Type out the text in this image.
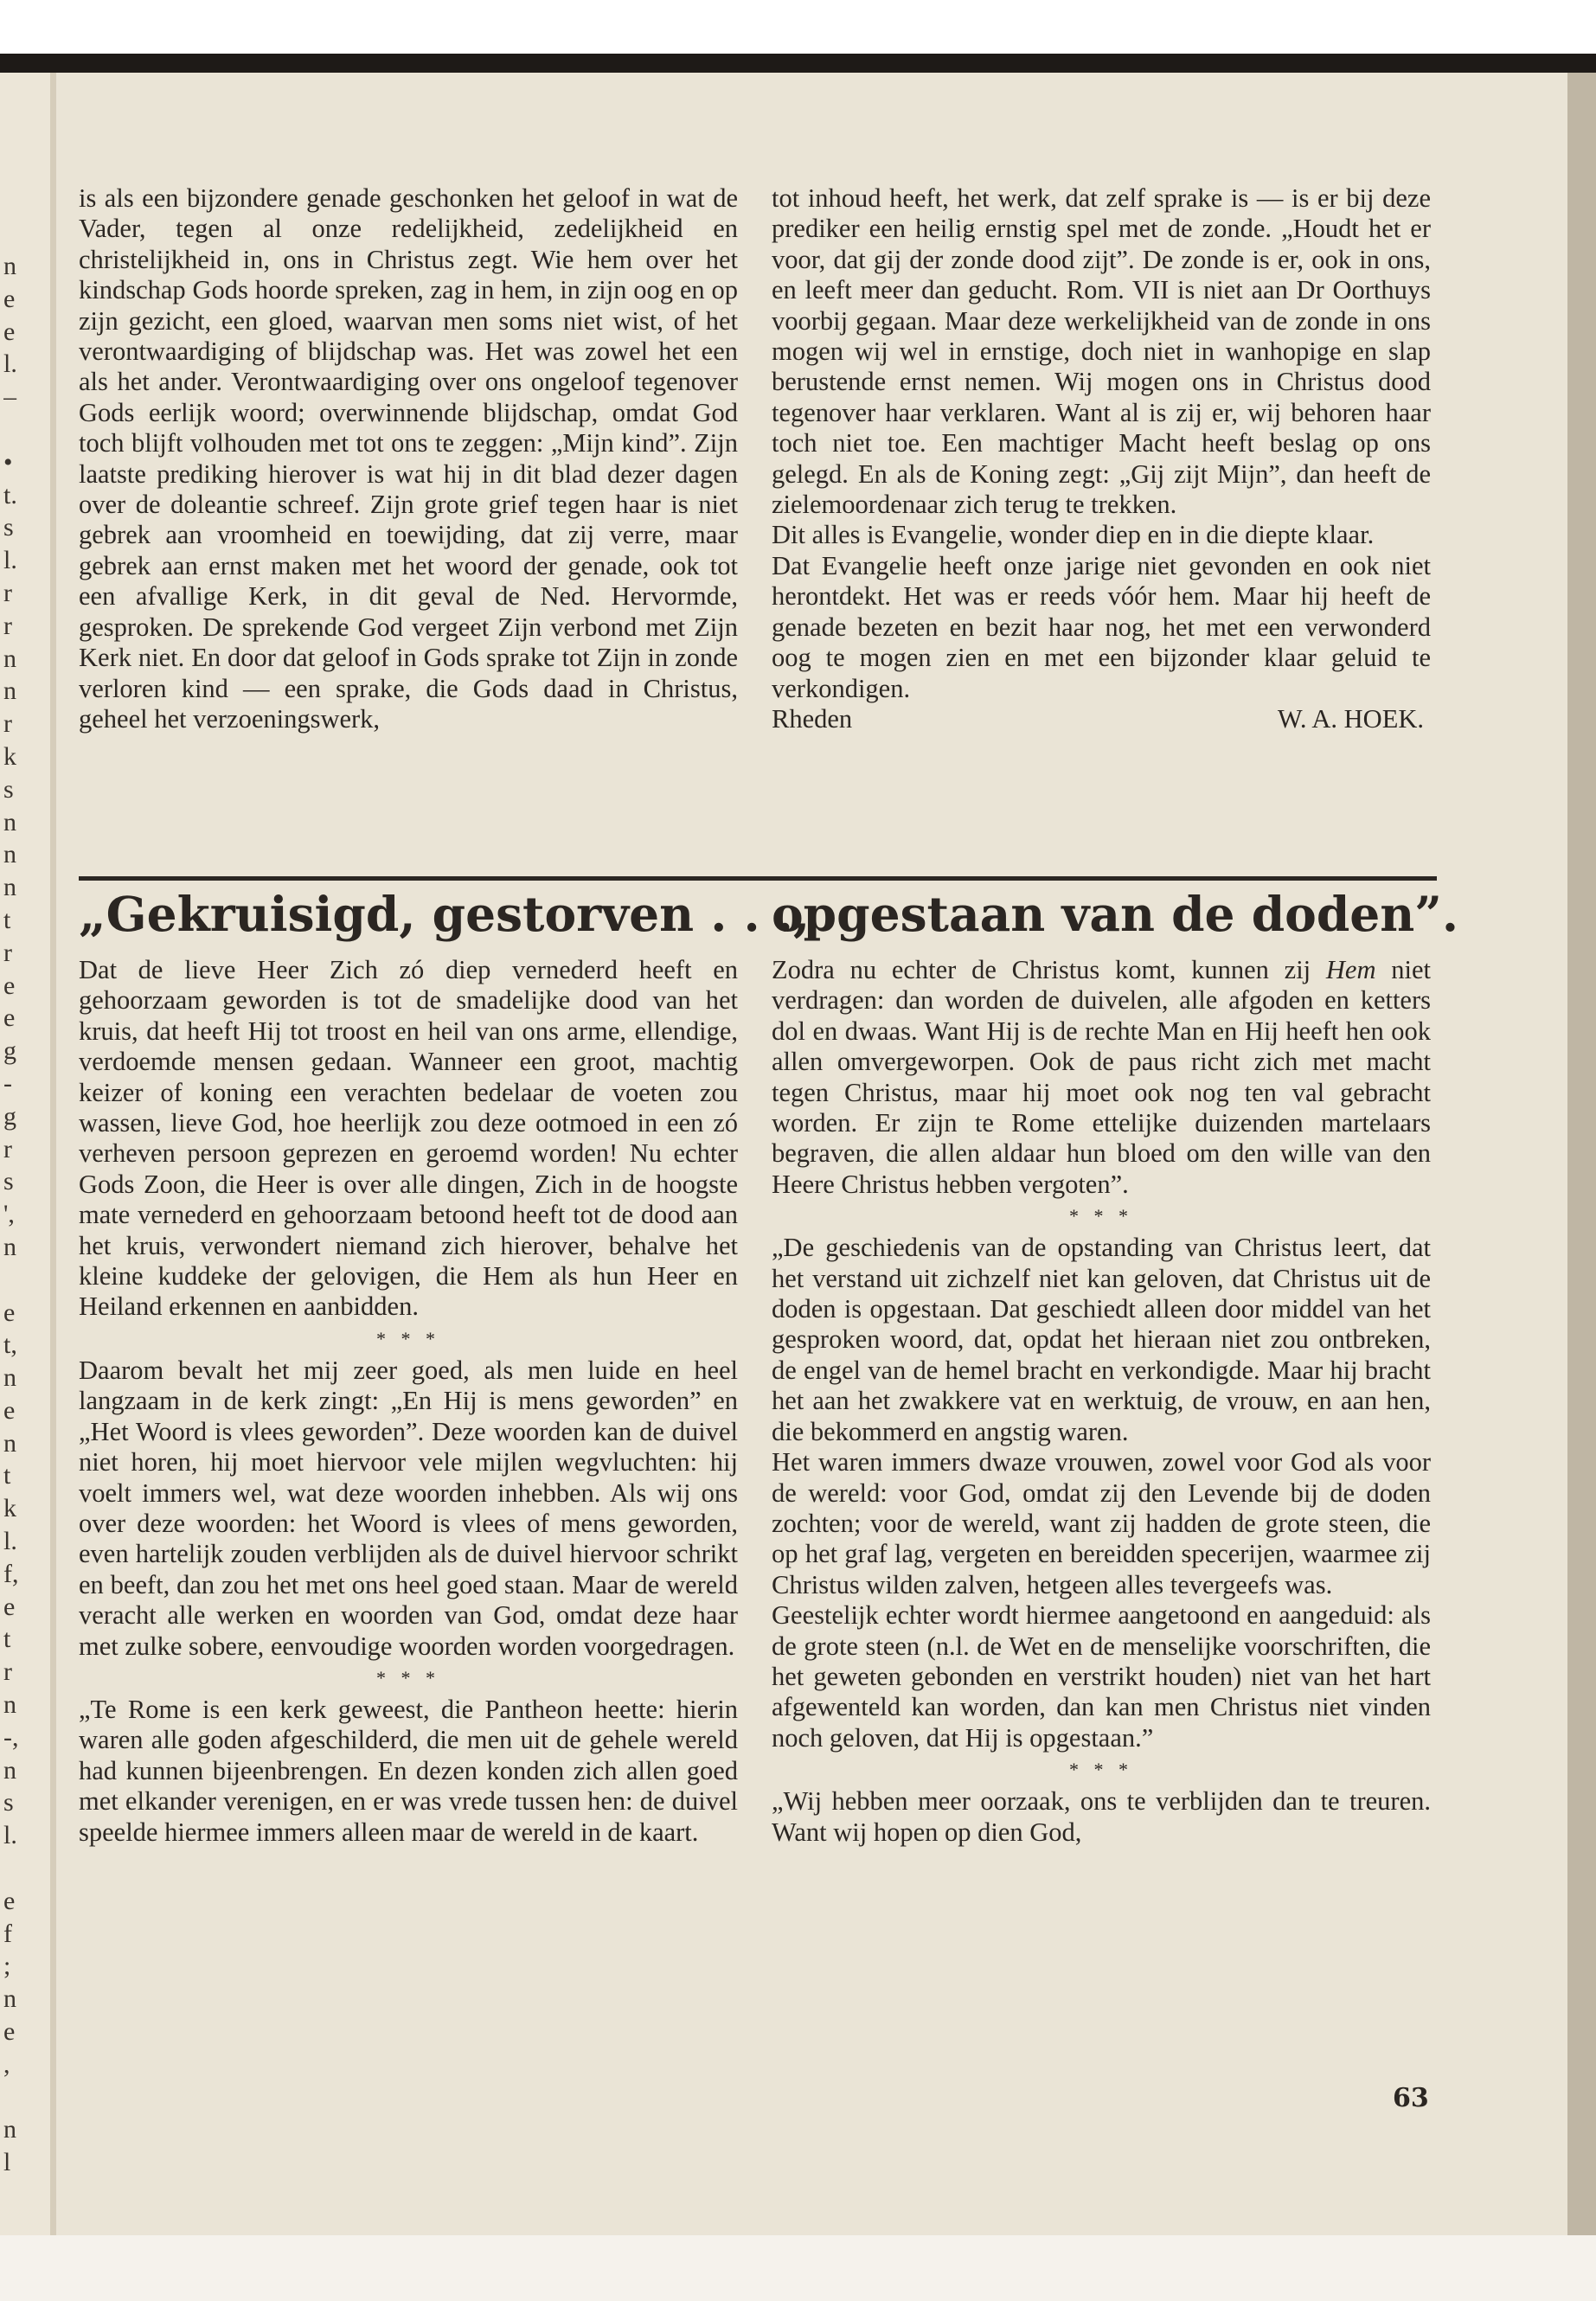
n
e
e
l.
–

•
t.
s
l.
r
r
n
n
r
k
s
n
n
n
t
r
e
e
g
-
g
r
s
',
n

e
t,
n
e
n
t
k
l.
f,
e
t
r
n
-,
n
s
l.

e
f
;
n
e
,

n
l

is als een bijzondere genade geschonken het geloof in wat de Vader, tegen al onze redelijkheid, zedelijkheid en christelijkheid in, ons in Christus zegt. Wie hem over het kindschap Gods hoorde spreken, zag in hem, in zijn oog en op zijn gezicht, een gloed, waarvan men soms niet wist, of het verontwaardiging of blijdschap was. Het was zowel het een als het ander. Verontwaardiging over ons ongeloof tegenover Gods eerlijk woord; overwinnende blijdschap, omdat God toch blijft volhouden met tot ons te zeggen: „Mijn kind”. Zijn laatste prediking hierover is wat hij in dit blad dezer dagen over de doleantie schreef. Zijn grote grief tegen haar is niet gebrek aan vroomheid en toewijding, dat zij verre, maar gebrek aan ernst maken met het woord der genade, ook tot een afvallige Kerk, in dit geval de Ned. Hervormde, gesproken. De sprekende God vergeet Zijn verbond met Zijn Kerk niet. En door dat geloof in Gods sprake tot Zijn in zonde verloren kind — een sprake, die Gods daad in Christus, geheel het verzoeningswerk,

tot inhoud heeft, het werk, dat zelf sprake is — is er bij deze prediker een heilig ernstig spel met de zonde. „Houdt het er voor, dat gij der zonde dood zijt”. De zonde is er, ook in ons, en leeft meer dan geducht. Rom. VII is niet aan Dr Oorthuys voorbij gegaan. Maar deze werkelijkheid van de zonde in ons mogen wij wel in ernstige, doch niet in wanhopige en slap berustende ernst nemen. Wij mogen ons in Christus dood tegenover haar verklaren. Want al is zij er, wij behoren haar toch niet toe. Een machtiger Macht heeft beslag op ons gelegd. En als de Koning zegt: „Gij zijt Mijn”, dan heeft de zielemoordenaar zich terug te trekken.

Dit alles is Evangelie, wonder diep en in die diepte klaar.

Dat Evangelie heeft onze jarige niet gevonden en ook niet herontdekt. Het was er reeds vóór hem. Maar hij heeft de genade bezeten en bezit haar nog, het met een verwonderd oog te mogen zien en met een bijzonder klaar geluid te verkondigen.

Rheden	W. A. HOEK.
„Gekruisigd, gestorven . . .,
opgestaan van de doden”.

Dat de lieve Heer Zich zó diep vernederd heeft en gehoorzaam geworden is tot de smadelijke dood van het kruis, dat heeft Hij tot troost en heil van ons arme, ellendige, verdoemde mensen gedaan. Wanneer een groot, machtig keizer of koning een verachten bedelaar de voeten zou wassen, lieve God, hoe heerlijk zou deze ootmoed in een zó verheven persoon geprezen en geroemd worden! Nu echter Gods Zoon, die Heer is over alle dingen, Zich in de hoogste mate vernederd en gehoorzaam betoond heeft tot de dood aan het kruis, verwondert niemand zich hierover, behalve het kleine kuddeke der gelovigen, die Hem als hun Heer en Heiland erkennen en aanbidden.

* * *

Daarom bevalt het mij zeer goed, als men luide en heel langzaam in de kerk zingt: „En Hij is mens geworden” en „Het Woord is vlees geworden”. Deze woorden kan de duivel niet horen, hij moet hiervoor vele mijlen wegvluchten: hij voelt immers wel, wat deze woorden inhebben. Als wij ons over deze woorden: het Woord is vlees of mens geworden, even hartelijk zouden verblijden als de duivel hiervoor schrikt en beeft, dan zou het met ons heel goed staan. Maar de wereld veracht alle werken en woorden van God, omdat deze haar met zulke sobere, eenvoudige woorden worden voorgedragen.

* * *

„Te Rome is een kerk geweest, die Pantheon heette: hierin waren alle goden afgeschilderd, die men uit de gehele wereld had kunnen bijeenbrengen. En dezen konden zich allen goed met elkander verenigen, en er was vrede tussen hen: de duivel speelde hiermee immers alleen maar de wereld in de kaart.

Zodra nu echter de Christus komt, kunnen zij Hem niet verdragen: dan worden de duivelen, alle afgoden en ketters dol en dwaas. Want Hij is de rechte Man en Hij heeft hen ook allen omvergeworpen. Ook de paus richt zich met macht tegen Christus, maar hij moet ook nog ten val gebracht worden. Er zijn te Rome ettelijke duizenden martelaars begraven, die allen aldaar hun bloed om den wille van den Heere Christus hebben vergoten”.

* * *

„De geschiedenis van de opstanding van Christus leert, dat het verstand uit zichzelf niet kan geloven, dat Christus uit de doden is opgestaan. Dat geschiedt alleen door middel van het gesproken woord, dat, opdat het hieraan niet zou ontbreken, de engel van de hemel bracht en verkondigde. Maar hij bracht het aan het zwakkere vat en werktuig, de vrouw, en aan hen, die bekommerd en angstig waren.

Het waren immers dwaze vrouwen, zowel voor God als voor de wereld: voor God, omdat zij den Levende bij de doden zochten; voor de wereld, want zij hadden de grote steen, die op het graf lag, vergeten en bereidden specerijen, waarmee zij Christus wilden zalven, hetgeen alles tevergeefs was.

Geestelijk echter wordt hiermee aangetoond en aangeduid: als de grote steen (n.l. de Wet en de menselijke voorschriften, die het geweten gebonden en verstrikt houden) niet van het hart afgewenteld kan worden, dan kan men Christus niet vinden noch geloven, dat Hij is opgestaan.”

* * *

„Wij hebben meer oorzaak, ons te verblijden dan te treuren. Want wij hopen op dien God,

63
